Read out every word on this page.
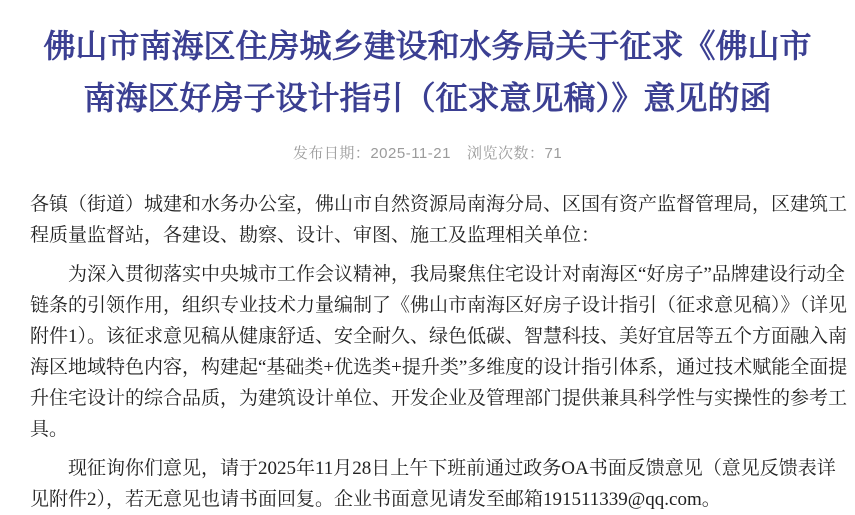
佛山市南海区住房城乡建设和水务局关于征求《佛山市南海区好房子设计指引（征求意见稿）》意见的函
发布日期：2025-11-21 浏览次数：71

各镇（街道）城建和水务办公室，佛山市自然资源局南海分局、区国有资产监督管理局，区建筑工程质量监督站，各建设、勘察、设计、审图、施工及监理相关单位：

为深入贯彻落实中央城市工作会议精神，我局聚焦住宅设计对南海区“好房子”品牌建设行动全链条的引领作用，组织专业技术力量编制了《佛山市南海区好房子设计指引（征求意见稿）》（详见附件1）。该征求意见稿从健康舒适、安全耐久、绿色低碳、智慧科技、美好宜居等五个方面融入南海区地域特色内容，构建起“基础类+优选类+提升类”多维度的设计指引体系，通过技术赋能全面提升住宅设计的综合品质，为建筑设计单位、开发企业及管理部门提供兼具科学性与实操性的参考工具。

现征询你们意见，请于2025年11月28日上午下班前通过政务OA书面反馈意见（意见反馈表详见附件2），若无意见也请书面回复。企业书面意见请发至邮箱191511339@qq.com。
